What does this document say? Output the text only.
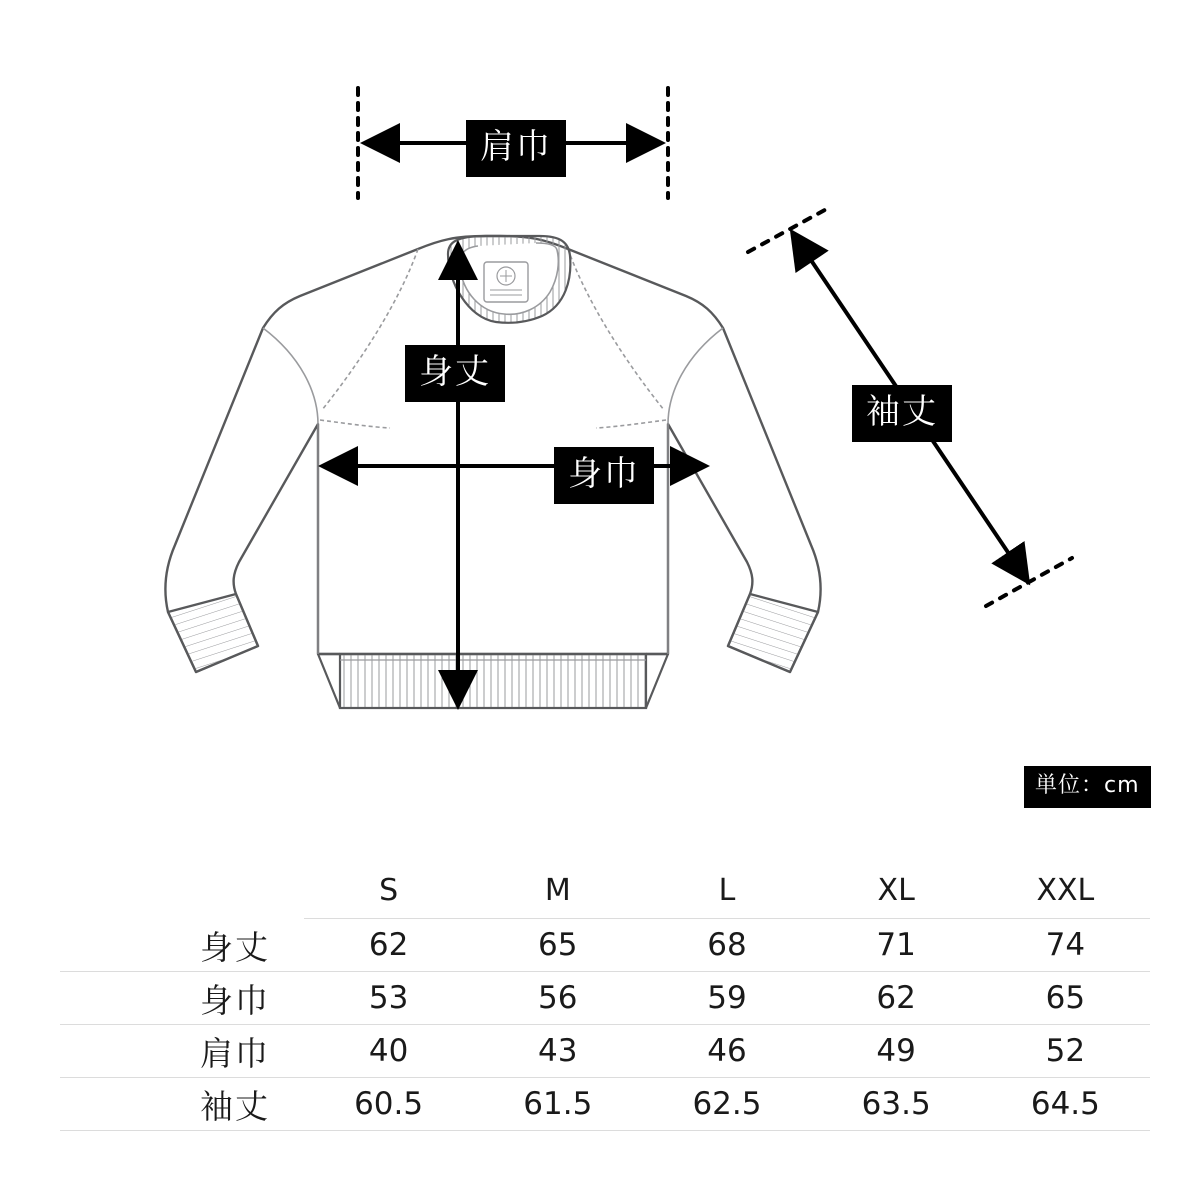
肩巾
身丈
身巾
袖丈
単位：cm
	S	M	L	XL	XXL
身丈	62	65	68	71	74
身巾	53	56	59	62	65
肩巾	40	43	46	49	52
袖丈	60.5	61.5	62.5	63.5	64.5
